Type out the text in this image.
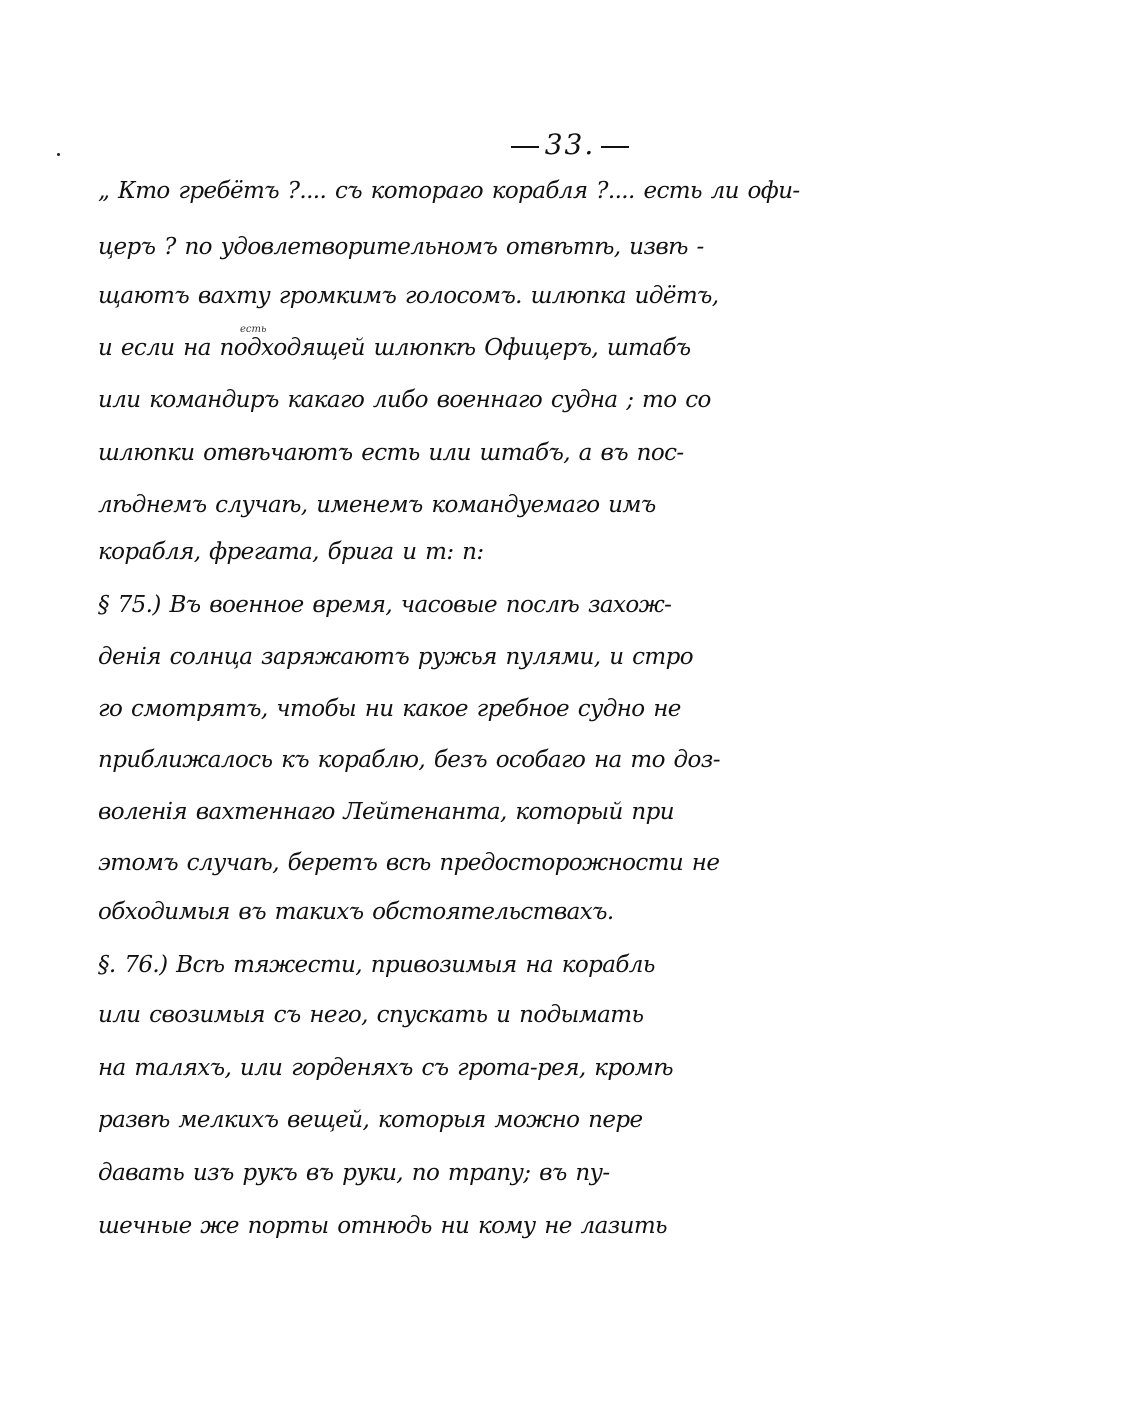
33.
есть
„ Кто гребётъ ?.... съ котораго корабля ?.... есть ли офи-
церъ ? по удовлетворительномъ отвѣтѣ, извѣ -
щаютъ вахту громкимъ голосомъ. шлюпка идётъ,
и если на подходящей шлюпкѣ Офицеръ, штабъ
или командиръ какаго либо военнаго судна ; то со
шлюпки отвѣчаютъ есть или штабъ, а въ пос-
лѣднемъ случаѣ, именемъ командуемаго имъ
корабля, фрегата, брига и т: п:
§ 75.) Въ военное время, часовые послѣ захож-
денія солнца заряжаютъ ружья пулями, и стро
го смотрятъ, чтобы ни какое гребное судно не
приближалось къ кораблю, безъ особаго на то доз-
воленія вахтеннаго Лейтенанта, который при
этомъ случаѣ, беретъ всѣ предосторожности не
обходимыя въ такихъ обстоятельствахъ.
§. 76.) Всѣ тяжести, привозимыя на корабль
или свозимыя съ него, спускать и подымать
на таляхъ, или горденяхъ съ грота-рея, кромѣ
развѣ мелкихъ вещей, которыя можно пере
давать изъ рукъ въ руки, по трапу; въ пу-
шечные же порты отнюдь ни кому не лазить
